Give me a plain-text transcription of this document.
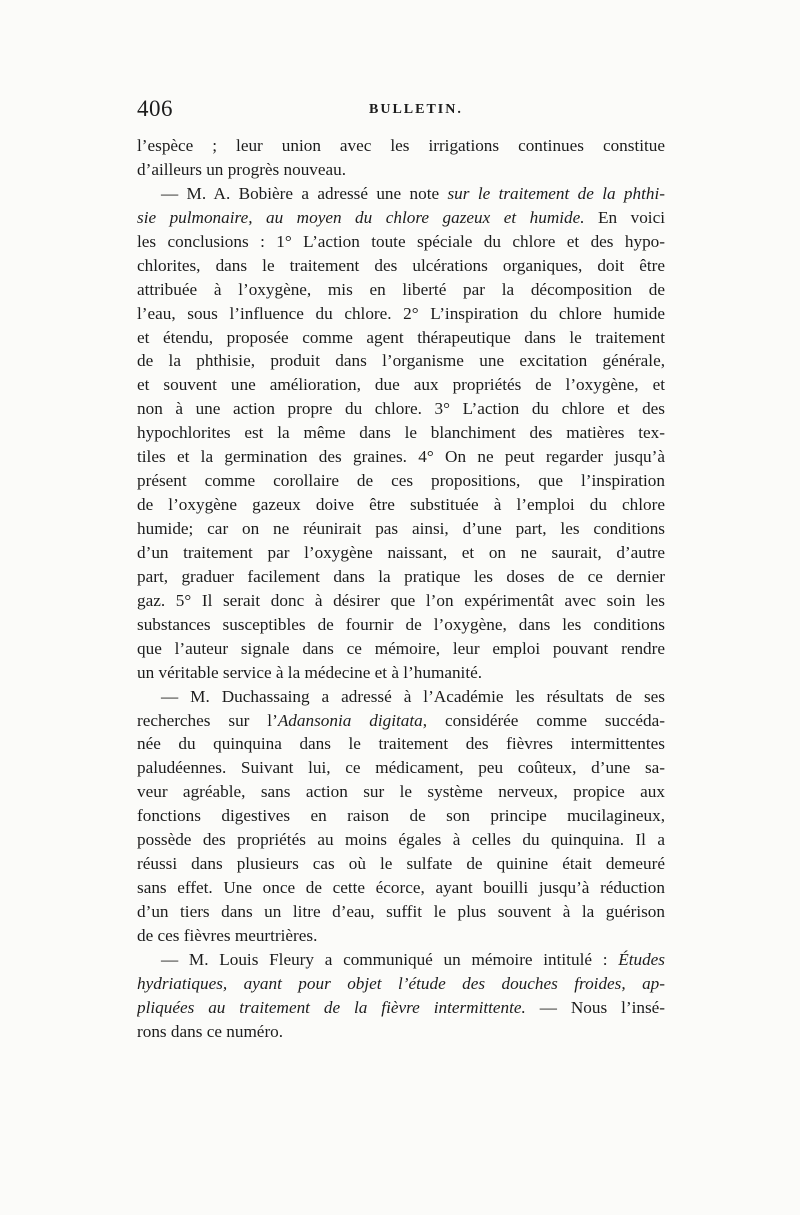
406	BULLETIN.
l’espèce ; leur union avec les irrigations continues constitue
d’ailleurs un progrès nouveau.
— M. A. Bobière a adressé une note sur le traitement de la phthi-
sie pulmonaire, au moyen du chlore gazeux et humide. En voici
les conclusions : 1° L’action toute spéciale du chlore et des hypo-
chlorites, dans le traitement des ulcérations organiques, doit être
attribuée à l’oxygène, mis en liberté par la décomposition de
l’eau, sous l’influence du chlore. 2° L’inspiration du chlore humide
et étendu, proposée comme agent thérapeutique dans le traitement
de la phthisie, produit dans l’organisme une excitation générale,
et souvent une amélioration, due aux propriétés de l’oxygène, et
non à une action propre du chlore. 3° L’action du chlore et des
hypochlorites est la même dans le blanchiment des matières tex-
tiles et la germination des graines. 4° On ne peut regarder jusqu’à
présent comme corollaire de ces propositions, que l’inspiration
de l’oxygène gazeux doive être substituée à l’emploi du chlore
humide; car on ne réunirait pas ainsi, d’une part, les conditions
d’un traitement par l’oxygène naissant, et on ne saurait, d’autre
part, graduer facilement dans la pratique les doses de ce dernier
gaz. 5° Il serait donc à désirer que l’on expérimentât avec soin les
substances susceptibles de fournir de l’oxygène, dans les conditions
que l’auteur signale dans ce mémoire, leur emploi pouvant rendre
un véritable service à la médecine et à l’humanité.
— M. Duchassaing a adressé à l’Académie les résultats de ses
recherches sur l’Adansonia digitata, considérée comme succéda-
née du quinquina dans le traitement des fièvres intermittentes
paludéennes. Suivant lui, ce médicament, peu coûteux, d’une sa-
veur agréable, sans action sur le système nerveux, propice aux
fonctions digestives en raison de son principe mucilagineux,
possède des propriétés au moins égales à celles du quinquina. Il a
réussi dans plusieurs cas où le sulfate de quinine était demeuré
sans effet. Une once de cette écorce, ayant bouilli jusqu’à réduction
d’un tiers dans un litre d’eau, suffit le plus souvent à la guérison
de ces fièvres meurtrières.
— M. Louis Fleury a communiqué un mémoire intitulé : Études
hydriatiques, ayant pour objet l’étude des douches froides, ap-
pliquées au traitement de la fièvre intermittente. — Nous l’insé-
rons dans ce numéro.
